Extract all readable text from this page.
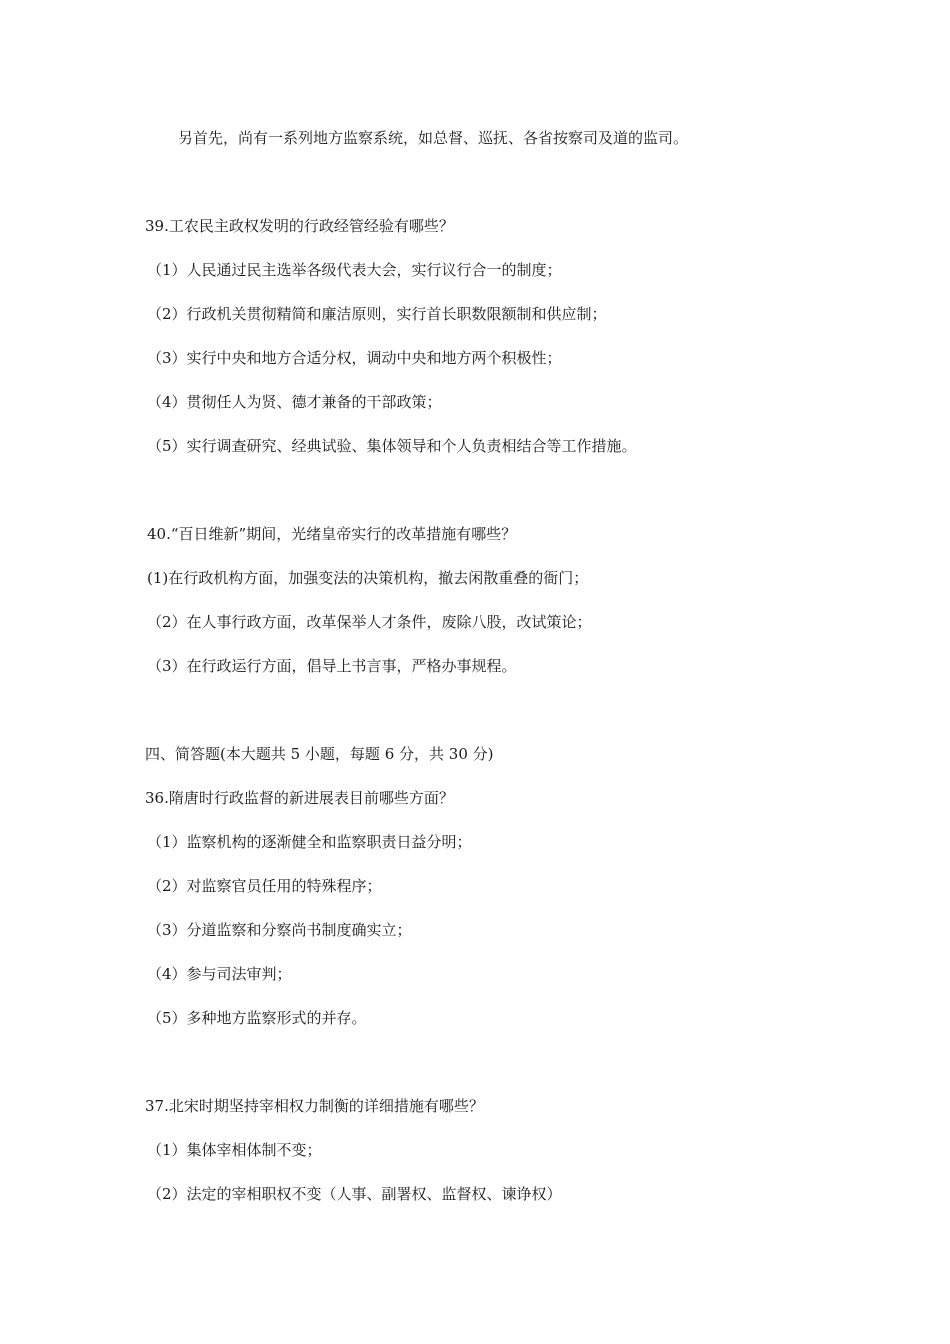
另首先，尚有一系列地方监察系统，如总督、巡抚、各省按察司及道的监司。
39.工农民主政权发明的行政经管经验有哪些？
（1）人民通过民主选举各级代表大会，实行议行合一的制度；
（2）行政机关贯彻精简和廉洁原则，实行首长职数限额制和供应制；
（3）实行中央和地方合适分权，调动中央和地方两个积极性；
（4）贯彻任人为贤、德才兼备的干部政策；
（5）实行调查研究、经典试验、集体领导和个人负责相结合等工作措施。
40.“百日维新”期间，光绪皇帝实行的改革措施有哪些？
(1)在行政机构方面，加强变法的决策机构，撤去闲散重叠的衙门；
（2）在人事行政方面，改革保举人才条件，废除八股，改试策论；
（3）在行政运行方面，倡导上书言事，严格办事规程。
四、简答题(本大题共 5 小题，每题 6 分，共 30 分)
36.隋唐时行政监督的新进展表目前哪些方面？
（1）监察机构的逐渐健全和监察职责日益分明；
（2）对监察官员任用的特殊程序；
（3）分道监察和分察尚书制度确实立；
（4）参与司法审判；
（5）多种地方监察形式的并存。
37.北宋时期坚持宰相权力制衡的详细措施有哪些？
（1）集体宰相体制不变；
（2）法定的宰相职权不变（人事、副署权、监督权、谏诤权）
